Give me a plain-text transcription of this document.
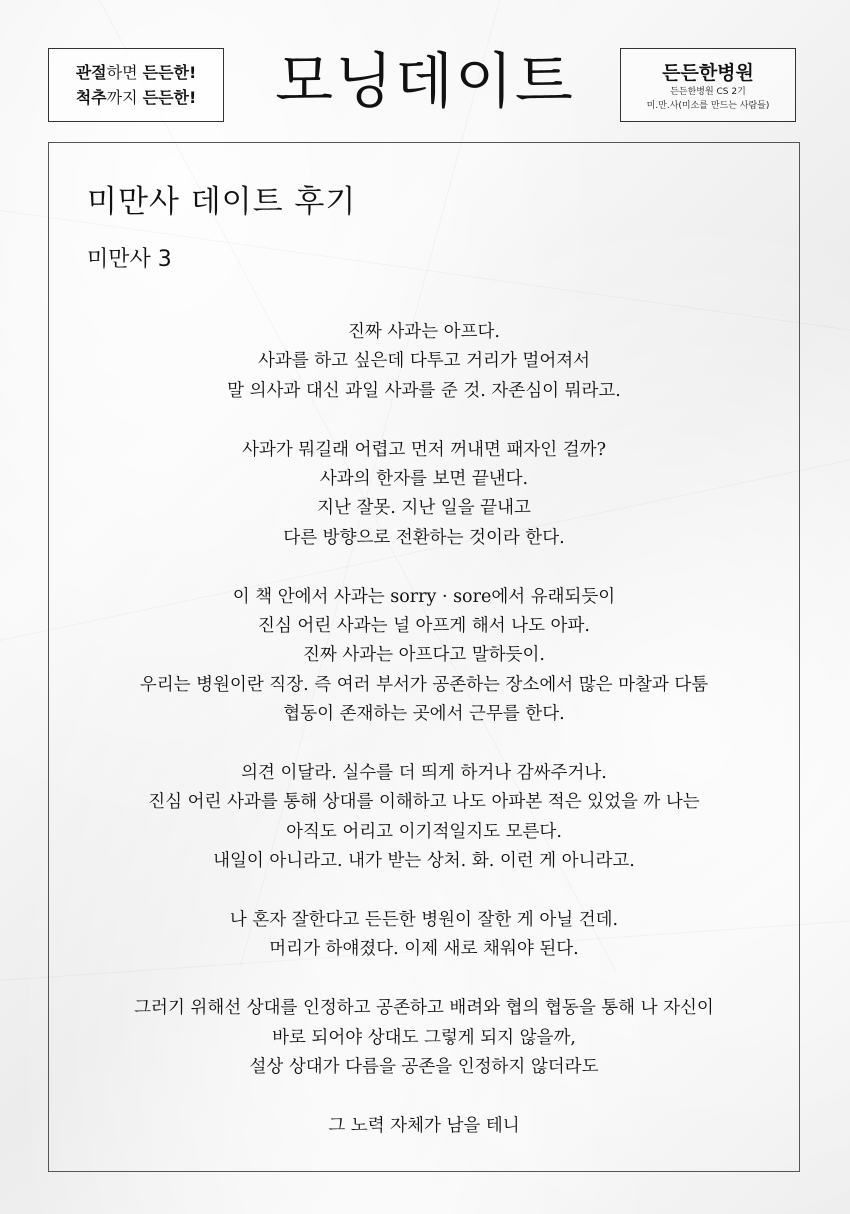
관절하면 든든한!
척추까지 든든한!	모닝데이트	든든한병원
든든한병원 CS 2기
미.만.사(미소를 만드는 사람들)
미만사 데이트 후기
미만사 3
진짜 사과는 아프다.
사과를 하고 싶은데 다투고 거리가 멀어져서
말 의사과 대신 과일 사과를 준 것. 자존심이 뭐라고.
사과가 뭐길래 어렵고 먼저 꺼내면 패자인 걸까?
사과의 한자를 보면 끝낸다.
지난 잘못. 지난 일을 끝내고
다른 방향으로 전환하는 것이라 한다.
이 책 안에서 사과는 sorry · sore에서 유래되듯이
진심 어린 사과는 널 아프게 해서 나도 아파.
진짜 사과는 아프다고 말하듯이.
우리는 병원이란 직장. 즉 여러 부서가 공존하는 장소에서 많은 마찰과 다툼
협동이 존재하는 곳에서 근무를 한다.
의견 이달라. 실수를 더 띄게 하거나 감싸주거나.
진심 어린 사과를 통해 상대를 이해하고 나도 아파본 적은 있었을 까 나는
아직도 어리고 이기적일지도 모른다.
내일이 아니라고. 내가 받는 상처. 화. 이런 게 아니라고.
나 혼자 잘한다고 든든한 병원이 잘한 게 아닐 건데.
머리가 하얘졌다. 이제 새로 채워야 된다.
그러기 위해선 상대를 인정하고 공존하고 배려와 협의 협동을 통해 나 자신이
바로 되어야 상대도 그렇게 되지 않을까,
설상 상대가 다름을 공존을 인정하지 않더라도
그 노력 자체가 남을 테니
